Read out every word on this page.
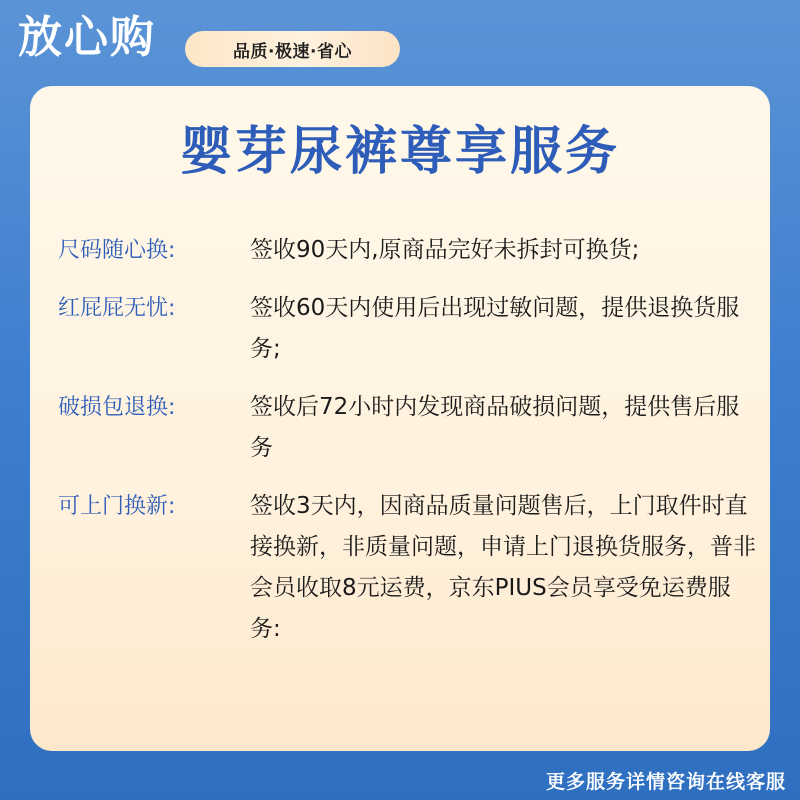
放心购	品质·极速·省心
婴芽尿裤尊享服务
尺码随心换:	签收90天内,原商品完好未拆封可换货;
红屁屁无忧:	签收60天内使用后出现过敏问题，提供退换货服务;
破损包退换:	签收后72小时内发现商品破损问题，提供售后服务
可上门换新:	签收3天内，因商品质量问题售后，上门取件时直接换新，非质量问题，申请上门退换货服务，普非会员收取8元运费，京东PIUS会员享受免运费服务:
更多服务详情咨询在线客服
